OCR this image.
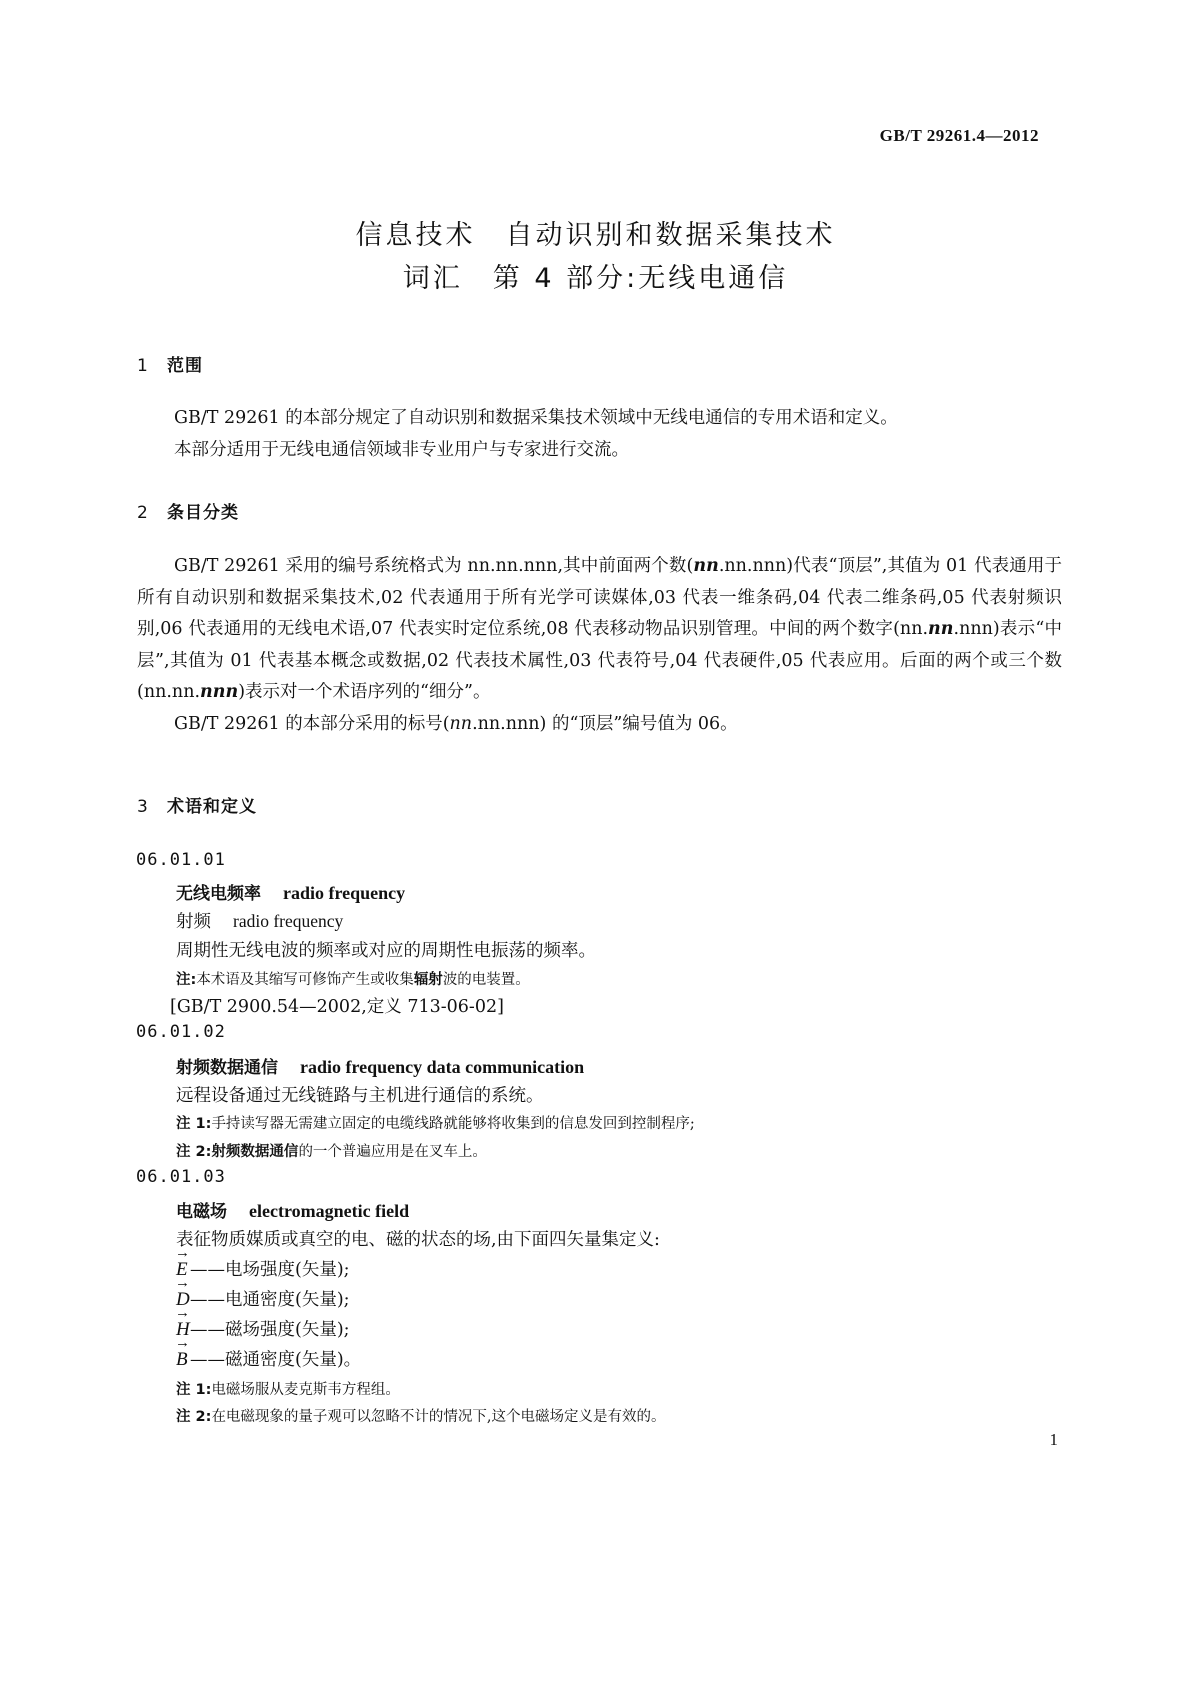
GB/T 29261.4—2012
信息技术 自动识别和数据采集技术
词汇 第 4 部分:无线电通信
1 范围

GB/T 29261 的本部分规定了自动识别和数据采集技术领域中无线电通信的专用术语和定义。

本部分适用于无线电通信领域非专业用户与专家进行交流。

2 条目分类

GB/T 29261 采用的编号系统格式为 nn.nn.nnn,其中前面两个数(nn.nn.nnn)代表“顶层”,其值为 01 代表通用于所有自动识别和数据采集技术,02 代表通用于所有光学可读媒体,03 代表一维条码,04 代表二维条码,05 代表射频识别,06 代表通用的无线电术语,07 代表实时定位系统,08 代表移动物品识别管理。中间的两个数字(nn.nn.nnn)表示“中层”,其值为 01 代表基本概念或数据,02 代表技术属性,03 代表符号,04 代表硬件,05 代表应用。后面的两个或三个数(nn.nn.nnn)表示对一个术语序列的“细分”。

GB/T 29261 的本部分采用的标号(nn.nn.nnn) 的“顶层”编号值为 06。

3 术语和定义
06.01.01
无线电频率 radio frequency
射频 radio frequency
周期性无线电波的频率或对应的周期性电振荡的频率。
注:本术语及其缩写可修饰产生或收集辐射波的电装置。
[GB/T 2900.54—2002,定义 713-06-02]
06.01.02
射频数据通信 radio frequency data communication
远程设备通过无线链路与主机进行通信的系统。
注 1:手持读写器无需建立固定的电缆线路就能够将收集到的信息发回到控制程序;
注 2:射频数据通信的一个普遍应用是在叉车上。
06.01.03
电磁场 electromagnetic field
表征物质媒质或真空的电、磁的状态的场,由下面四矢量集定义:
→ E ——电场强度(矢量);
→ D——电通密度(矢量);
→ H——磁场强度(矢量);
→ B ——磁通密度(矢量)。
注 1:电磁场服从麦克斯韦方程组。
注 2:在电磁现象的量子观可以忽略不计的情况下,这个电磁场定义是有效的。
1
